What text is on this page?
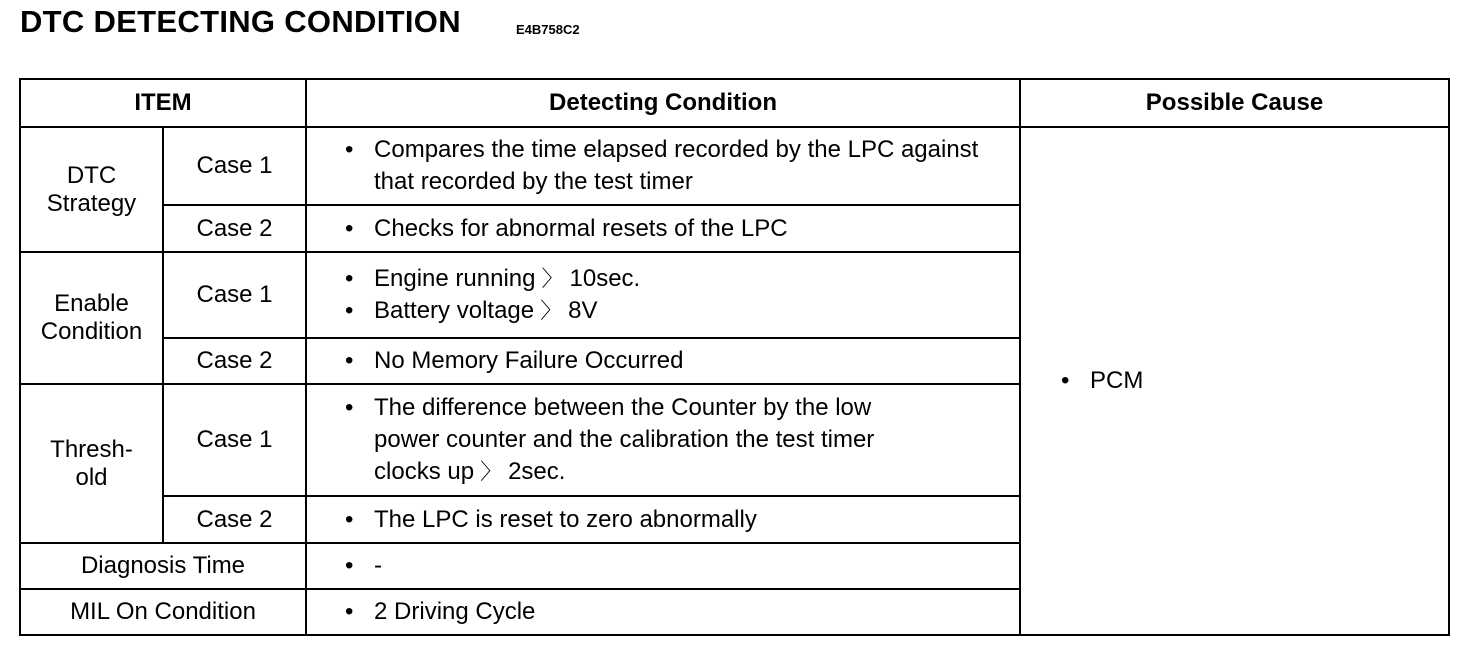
DTC DETECTING CONDITION	E4B758C2
ITEM		Detecting Condition	Possible Cause
DTC Strategy	Case 1	• Compares the time elapsed recorded by the LPC against that recorded by the test timer	• PCM

	Case 2	• Checks for abnormal resets of the LPC

Enable Condition	Case 1	• Engine running 〉 10sec.
• Battery voltage 〉 8V

	Case 2	• No Memory Failure Occurred

Thresh- old	Case 1	• The difference between the Counter by the low power counter and the calibration the test timer clocks up 〉 2sec.

	Case 2	• The LPC is reset to zero abnormally

Diagnosis Time		• -

MIL On Condition		• 2 Driving Cycle
